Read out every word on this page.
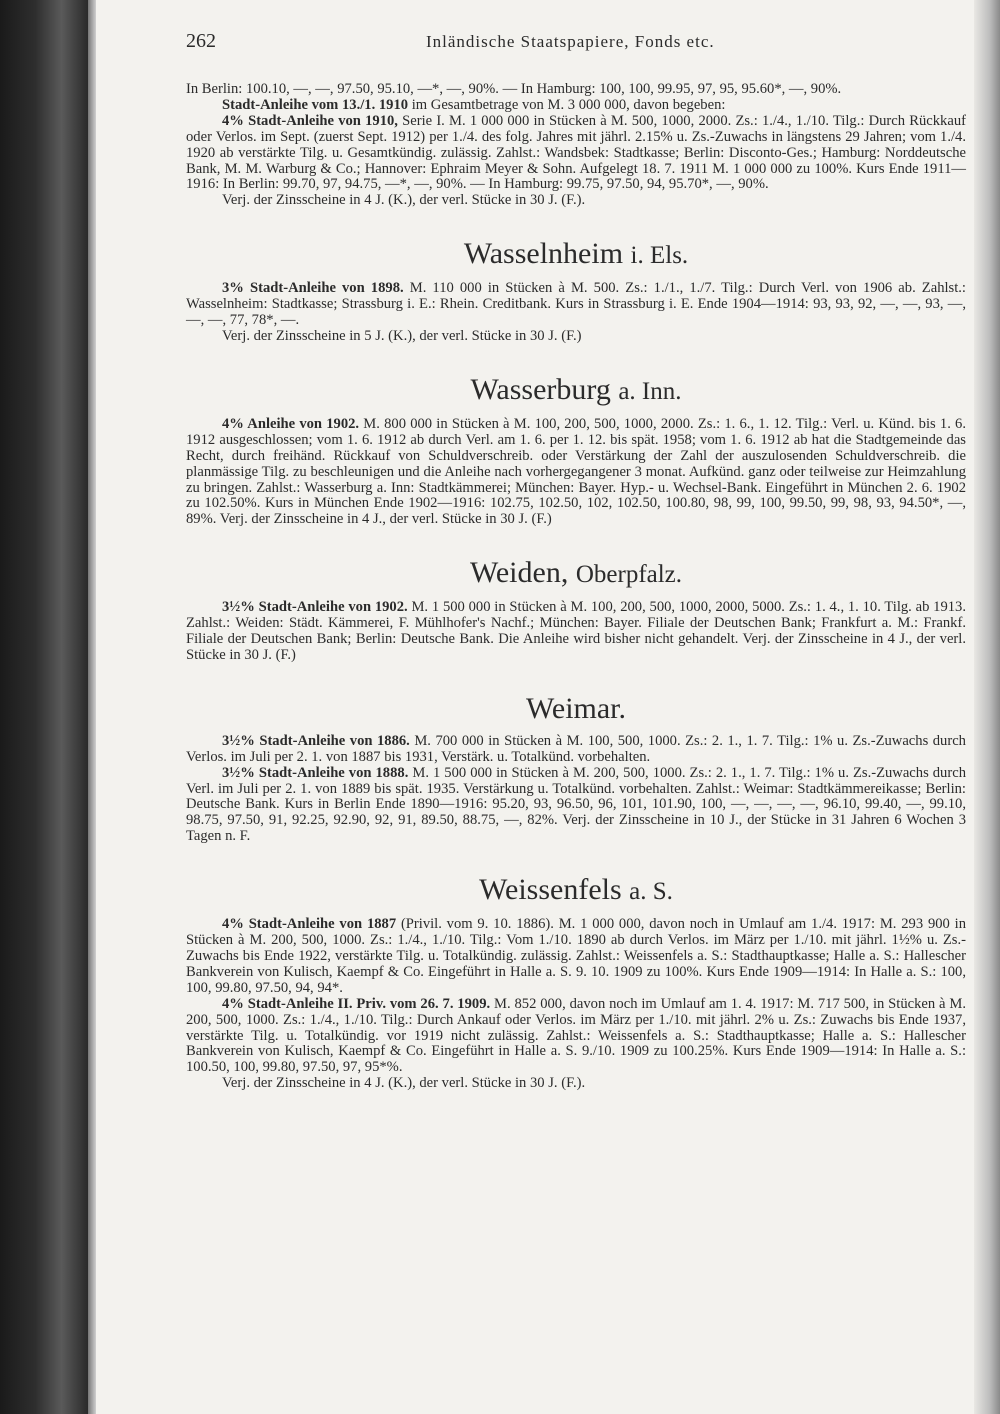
262	Inländische Staatspapiere, Fonds etc.

In Berlin: 100.10, —, —, 97.50, 95.10, —*, —, 90%. — In Hamburg: 100, 100, 99.95, 97, 95, 95.60*, —, 90%.

Stadt-Anleihe vom 13./1. 1910 im Gesamtbetrage von M. 3 000 000, davon begeben:

4% Stadt-Anleihe von 1910, Serie I. M. 1 000 000 in Stücken à M. 500, 1000, 2000. Zs.: 1./4., 1./10. Tilg.: Durch Rückkauf oder Verlos. im Sept. (zuerst Sept. 1912) per 1./4. des folg. Jahres mit jährl. 2.15% u. Zs.-Zuwachs in längstens 29 Jahren; vom 1./4. 1920 ab verstärkte Tilg. u. Gesamtkündig. zulässig. Zahlst.: Wandsbek: Stadtkasse; Berlin: Disconto-Ges.; Hamburg: Norddeutsche Bank, M. M. Warburg & Co.; Hannover: Ephraim Meyer & Sohn. Aufgelegt 18. 7. 1911 M. 1 000 000 zu 100%. Kurs Ende 1911—1916: In Berlin: 99.70, 97, 94.75, —*, —, 90%. — In Hamburg: 99.75, 97.50, 94, 95.70*, —, 90%.

Verj. der Zinsscheine in 4 J. (K.), der verl. Stücke in 30 J. (F.).

Wasselnheim i. Els.

3% Stadt-Anleihe von 1898. M. 110 000 in Stücken à M. 500. Zs.: 1./1., 1./7. Tilg.: Durch Verl. von 1906 ab. Zahlst.: Wasselnheim: Stadtkasse; Strassburg i. E.: Rhein. Creditbank. Kurs in Strassburg i. E. Ende 1904—1914: 93, 93, 92, —, —, 93, —, —, —, 77, 78*, —.

Verj. der Zinsscheine in 5 J. (K.), der verl. Stücke in 30 J. (F.)

Wasserburg a. Inn.

4% Anleihe von 1902. M. 800 000 in Stücken à M. 100, 200, 500, 1000, 2000. Zs.: 1. 6., 1. 12. Tilg.: Verl. u. Künd. bis 1. 6. 1912 ausgeschlossen; vom 1. 6. 1912 ab durch Verl. am 1. 6. per 1. 12. bis spät. 1958; vom 1. 6. 1912 ab hat die Stadtgemeinde das Recht, durch freihänd. Rückkauf von Schuldverschreib. oder Verstärkung der Zahl der auszulosenden Schuldverschreib. die planmässige Tilg. zu beschleunigen und die Anleihe nach vorhergegangener 3 monat. Aufkünd. ganz oder teilweise zur Heimzahlung zu bringen. Zahlst.: Wasserburg a. Inn: Stadtkämmerei; München: Bayer. Hyp.- u. Wechsel-Bank. Eingeführt in München 2. 6. 1902 zu 102.50%. Kurs in München Ende 1902—1916: 102.75, 102.50, 102, 102.50, 100.80, 98, 99, 100, 99.50, 99, 98, 93, 94.50*, —, 89%. Verj. der Zinsscheine in 4 J., der verl. Stücke in 30 J. (F.)

Weiden, Oberpfalz.

3½% Stadt-Anleihe von 1902. M. 1 500 000 in Stücken à M. 100, 200, 500, 1000, 2000, 5000. Zs.: 1. 4., 1. 10. Tilg. ab 1913. Zahlst.: Weiden: Städt. Kämmerei, F. Mühlhofer's Nachf.; München: Bayer. Filiale der Deutschen Bank; Frankfurt a. M.: Frankf. Filiale der Deutschen Bank; Berlin: Deutsche Bank. Die Anleihe wird bisher nicht gehandelt. Verj. der Zinsscheine in 4 J., der verl. Stücke in 30 J. (F.)

Weimar.

3½% Stadt-Anleihe von 1886. M. 700 000 in Stücken à M. 100, 500, 1000. Zs.: 2. 1., 1. 7. Tilg.: 1% u. Zs.-Zuwachs durch Verlos. im Juli per 2. 1. von 1887 bis 1931, Verstärk. u. Totalkünd. vorbehalten.

3½% Stadt-Anleihe von 1888. M. 1 500 000 in Stücken à M. 200, 500, 1000. Zs.: 2. 1., 1. 7. Tilg.: 1% u. Zs.-Zuwachs durch Verl. im Juli per 2. 1. von 1889 bis spät. 1935. Verstärkung u. Totalkünd. vorbehalten. Zahlst.: Weimar: Stadtkämmereikasse; Berlin: Deutsche Bank. Kurs in Berlin Ende 1890—1916: 95.20, 93, 96.50, 96, 101, 101.90, 100, —, —, —, —, 96.10, 99.40, —, 99.10, 98.75, 97.50, 91, 92.25, 92.90, 92, 91, 89.50, 88.75, —, 82%. Verj. der Zinsscheine in 10 J., der Stücke in 31 Jahren 6 Wochen 3 Tagen n. F.

Weissenfels a. S.

4% Stadt-Anleihe von 1887 (Privil. vom 9. 10. 1886). M. 1 000 000, davon noch in Umlauf am 1./4. 1917: M. 293 900 in Stücken à M. 200, 500, 1000. Zs.: 1./4., 1./10. Tilg.: Vom 1./10. 1890 ab durch Verlos. im März per 1./10. mit jährl. 1½% u. Zs.-Zuwachs bis Ende 1922, verstärkte Tilg. u. Totalkündig. zulässig. Zahlst.: Weissenfels a. S.: Stadthauptkasse; Halle a. S.: Hallescher Bankverein von Kulisch, Kaempf & Co. Eingeführt in Halle a. S. 9. 10. 1909 zu 100%. Kurs Ende 1909—1914: In Halle a. S.: 100, 100, 99.80, 97.50, 94, 94*.

4% Stadt-Anleihe II. Priv. vom 26. 7. 1909. M. 852 000, davon noch im Umlauf am 1. 4. 1917: M. 717 500, in Stücken à M. 200, 500, 1000. Zs.: 1./4., 1./10. Tilg.: Durch Ankauf oder Verlos. im März per 1./10. mit jährl. 2% u. Zs.: Zuwachs bis Ende 1937, verstärkte Tilg. u. Totalkündig. vor 1919 nicht zulässig. Zahlst.: Weissenfels a. S.: Stadthauptkasse; Halle a. S.: Hallescher Bankverein von Kulisch, Kaempf & Co. Eingeführt in Halle a. S. 9./10. 1909 zu 100.25%. Kurs Ende 1909—1914: In Halle a. S.: 100.50, 100, 99.80, 97.50, 97, 95*%.

Verj. der Zinsscheine in 4 J. (K.), der verl. Stücke in 30 J. (F.).
